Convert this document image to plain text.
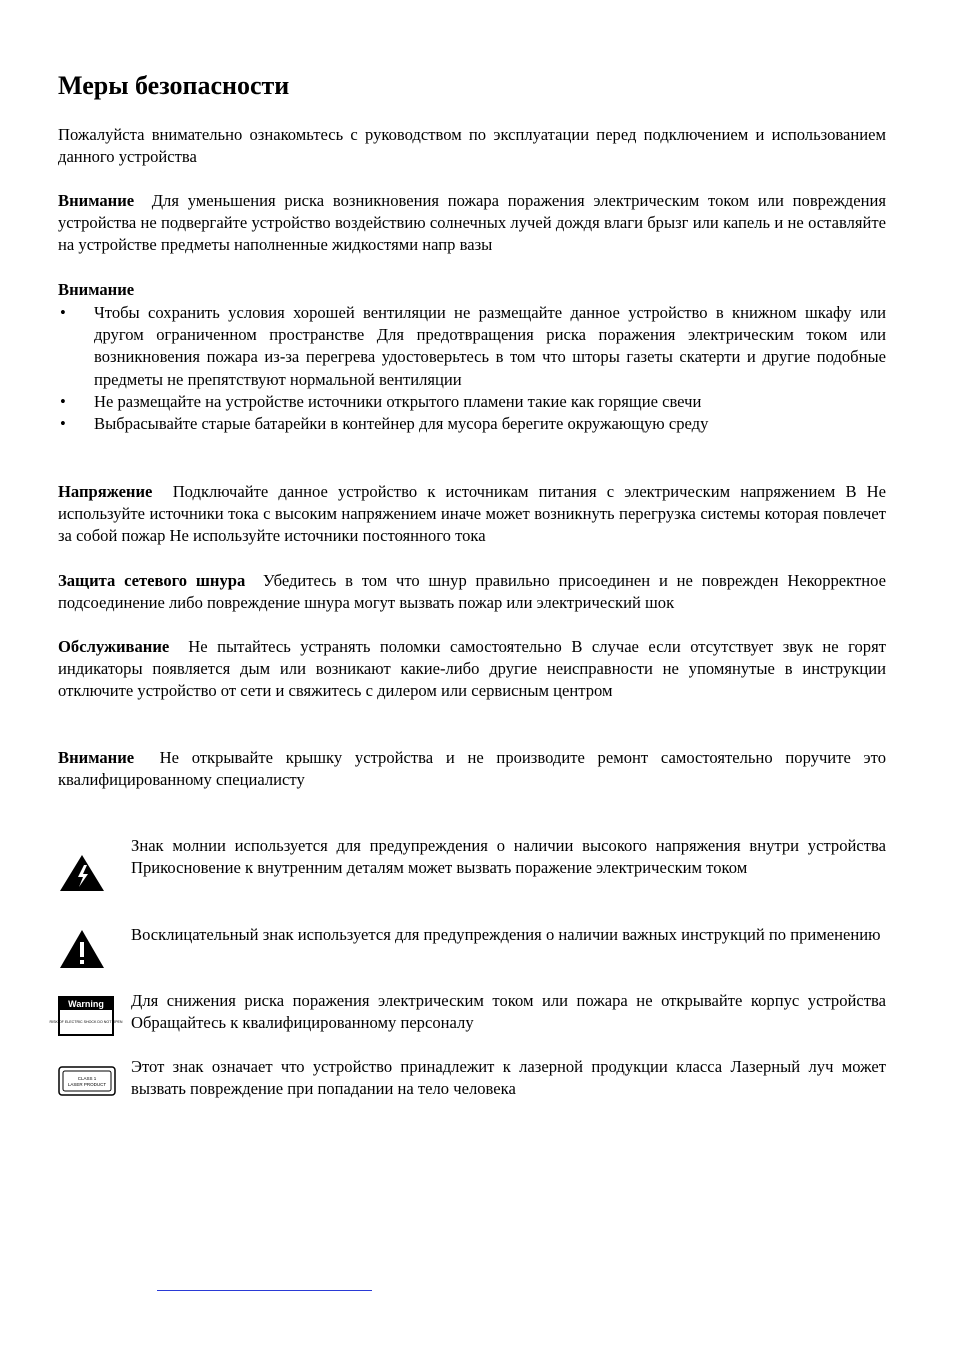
Меры безопасности

Пожалуйста внимательно ознакомьтесь с руководством по эксплуатации перед подключением и использованием данного устройства

Внимание Для уменьшения риска возникновения пожара поражения электрическим током или повреждения устройства не подвергайте устройство воздействию солнечных лучей дождя влаги брызг или капель и не оставляйте на устройстве предметы наполненные жидкостями напр вазы

Внимание

• Чтобы сохранить условия хорошей вентиляции не размещайте данное устройство в книжном шкафу или другом ограниченном пространстве Для предотвращения риска поражения электрическим током или возникновения пожара из-за перегрева удостоверьтесь в том что шторы газеты скатерти и другие подобные предметы не препятствуют нормальной вентиляции
• Не размещайте на устройстве источники открытого пламени такие как горящие свечи
• Выбрасывайте старые батарейки в контейнер для мусора берегите окружающую среду

Напряжение Подключайте данное устройство к источникам питания с электрическим напряжением В Не используйте источники тока с высоким напряжением иначе может возникнуть перегрузка системы которая повлечет за собой пожар Не используйте источники постоянного тока

Защита сетевого шнура Убедитесь в том что шнур правильно присоединен и не поврежден Некорректное подсоединение либо повреждение шнура могут вызвать пожар или электрический шок

Обслуживание Не пытайтесь устранять поломки самостоятельно В случае если отсутствует звук не горят индикаторы появляется дым или возникают какие-либо другие неисправности не упомянутые в инструкции отключите устройство от сети и свяжитесь с дилером или сервисным центром

Внимание Не открывайте крышку устройства и не производите ремонт самостоятельно поручите это квалифицированному специалисту

Знак молнии используется для предупреждения о наличии высокого напряжения внутри устройства Прикосновение к внутренним деталям может вызвать поражение электрическим током

Восклицательный знак используется для предупреждения о наличии важных инструкций по применению

Warning
RISK OF ELECTRIC SHOCK DO NOT OPEN

Для снижения риска поражения электрическим током или пожара не открывайте корпус устройства Обращайтесь к квалифицированному персоналу

CLASS 1
LASER PRODUCT

Этот знак означает что устройство принадлежит к лазерной продукции класса Лазерный луч может вызвать повреждение при попадании на тело человека
